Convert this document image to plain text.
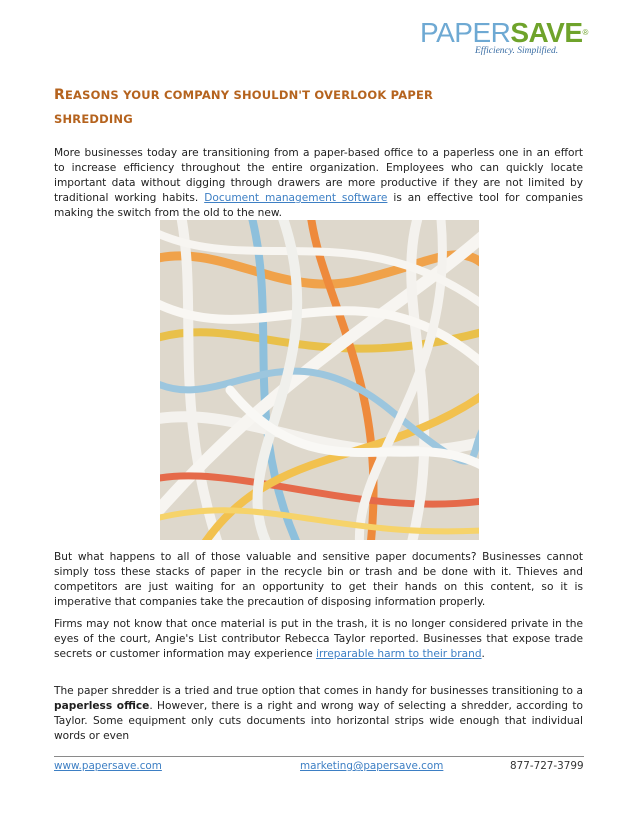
PAPERSAVE®
Efficiency. Simplified.
REASONS YOUR COMPANY SHOULDN'T OVERLOOK PAPER
SHREDDING

More businesses today are transitioning from a paper-based office to a paperless one in an effort to increase efficiency throughout the entire organization. Employees who can quickly locate important data without digging through drawers are more productive if they are not limited by traditional working habits. Document management software is an effective tool for companies making the switch from the old to the new.

But what happens to all of those valuable and sensitive paper documents? Businesses cannot simply toss these stacks of paper in the recycle bin or trash and be done with it. Thieves and competitors are just waiting for an opportunity to get their hands on this content, so it is imperative that companies take the precaution of disposing information properly.

Firms may not know that once material is put in the trash, it is no longer considered private in the eyes of the court, Angie's List contributor Rebecca Taylor reported. Businesses that expose trade secrets or customer information may experience irreparable harm to their brand.

The paper shredder is a tried and true option that comes in handy for businesses transitioning to a paperless office. However, there is a right and wrong way of selecting a shredder, according to Taylor. Some equipment only cuts documents into horizontal strips wide enough that individual words or even

www.papersave.com	marketing@papersave.com	877-727-3799
